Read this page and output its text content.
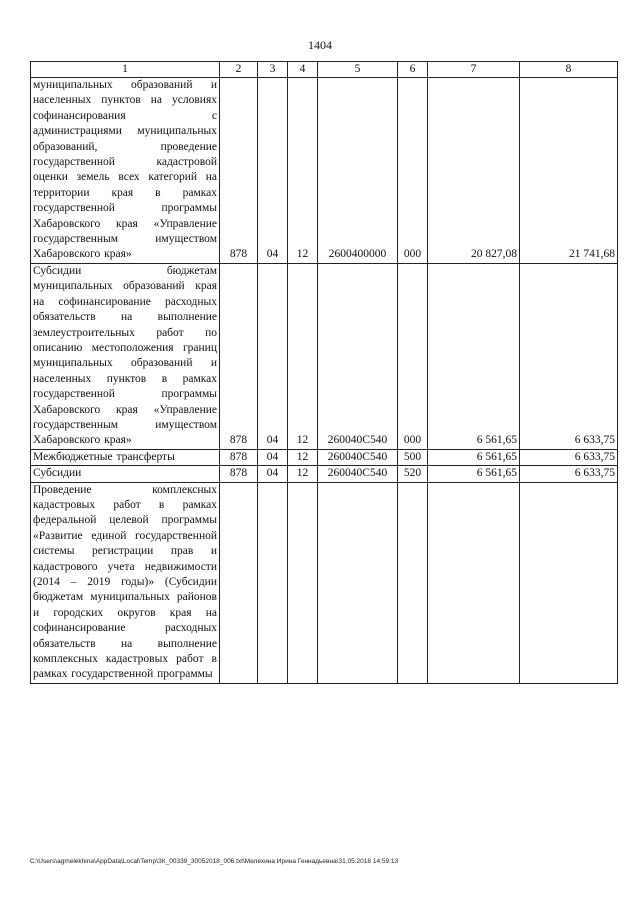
1404
1	2	3	4	5	6	7	8
муниципальных образований и населенных пунктов на условиях софинансирования с администрациями муниципальных образований, проведение государственной кадастровой оценки земель всех категорий на территории края в рамках государственной программы Хабаровского края «Управление государственным имуществом Хабаровского края»	878	04	12	2600400000	000	20 827,08	21 741,68
Субсидии бюджетам муниципальных образований края на софинансирование расходных обязательств на выполнение землеустроительных работ по описанию местоположения границ муниципальных образований и населенных пунктов в рамках государственной программы Хабаровского края «Управление государственным имуществом Хабаровского края»	878	04	12	260040С540	000	6 561,65	6 633,75
Межбюджетные трансферты	878	04	12	260040С540	500	6 561,65	6 633,75
Субсидии	878	04	12	260040С540	520	6 561,65	6 633,75
Проведение комплексных кадастровых работ в рамках федеральной целевой программы «Развитие единой государственной системы регистрации прав и кадастрового учета недвижимости (2014 – 2019 годы)» (Субсидии бюджетам муниципальных районов и городских округов края на софинансирование расходных обязательств на выполнение комплексных кадастровых работ в рамках государственной программы							
C:\Users\agmelekhina\AppData\Local\Temp\ЗК_00339_30052018_006.txt\Мелехина Ирина Геннадьевна\31.05.2018 14:59:13
